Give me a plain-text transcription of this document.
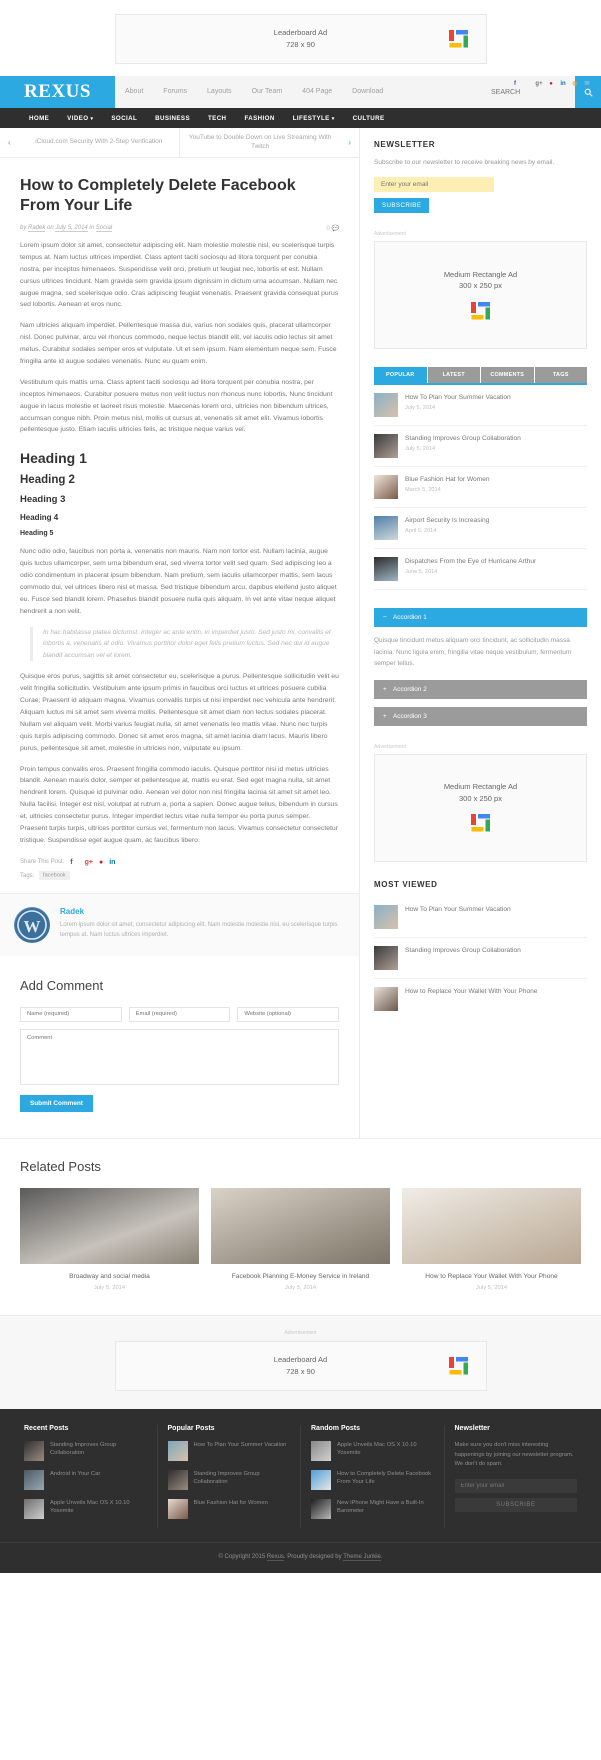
Leaderboard Ad
728 x 90
f	g+	●	in ◎ ✉
REXUS	About	Forums	Layouts	Our Team	404 Page	Download
SEARCH
HOME	VIDEO ▾	SOCIAL	BUSINESS	TECH	FASHION	LIFESTYLE ▾	CULTURE
‹	iCloud.com Security With 2-Step Verification
YouTube to Double Down on Live Streaming With Twitch	›
How to Completely Delete Facebook From Your Life
by Radek on July 5, 2014 in Social	0 💬

Lorem ipsum dolor sit amet, consectetur adipiscing elit. Nam molestie molestie nisl, eu scelerisque turpis tempus at. Nam luctus ultrices imperdiet. Class aptent taciti sociosqu ad litora torquent per conubia nostra, per inceptos himenaeos. Suspendisse velit orci, pretium ut feugiat nec, lobortis et est. Nullam cursus ultrices tincidunt. Nam gravida sem gravida ipsum dignissim in dictum urna accumsan. Nullam nec augue magna, sed scelerisque odio. Cras adipiscing feugiat venenatis. Praesent gravida consequat purus sed lobortis. Aenean et eros nunc.

Nam ultricies aliquam imperdiet. Pellentesque massa dui, varius non sodales quis, placerat ullamcorper nisl. Donec pulvinar, arcu vel rhoncus commodo, neque lectus blandit elit, vel iaculis odio lectus sit amet metus. Curabitur sodales semper eros et vulputate. Ut et sem ipsum. Nam elementum neque sem. Fusce fringilla ante id augue sodales venenatis. Nunc eu quam enim.

Vestibulum quis mattis urna. Class aptent taciti sociosqu ad litora torquent per conubia nostra, per inceptos himenaeos. Curabitur posuere metus non velit luctus non rhoncus nunc lobortis. Nunc tincidunt augue in lacus molestie et laoreet risus molestie. Maecenas lorem orci, ultricies non bibendum ultrices, accumsan congue nibh. Proin metus nisl, mollis ut cursus at, venenatis sit amet elit. Vivamus lobortis pellentesque justo. Etiam iaculis ultricies felis, ac tristique neque varius vel.

Heading 1
Heading 2
Heading 3
Heading 4
Heading 5

Nunc odio odio, faucibus non porta a, venenatis non mauris. Nam non tortor est. Nullam lacinia, augue quis luctus ullamcorper, sem urna bibendum erat, sed viverra tortor velit sed quam. Sed adipiscing leo a odio condimentum in placerat ipsum bibendum. Nam pretium, sem iaculis ullamcorper mattis, sem lacus commodo dui, vel ultrices libero nisl et massa. Sed tristique bibendum arcu, dapibus eleifend justo aliquet eu. Fusce sed blandit lorem. Phasellus blandit posuere nulla quis aliquam. In vel ante vitae neque aliquet hendrerit a non velit.

In hac habitasse platea dictumst. Integer ac ante enim, in imperdiet justo. Sed justo mi, convallis et lobortis a, venenatis at odio. Vivamus porttitor dolor eget felis pretium luctus. Sed nec dui id augue blandit accumsan vel et lorem.

Quisque eros purus, sagittis sit amet consectetur eu, scelerisque a purus. Pellentesque sollicitudin velit eu velit fringilla sollicitudin. Vestibulum ante ipsum primis in faucibus orci luctus et ultrices posuere cubilia Curae; Praesent id aliquam magna. Vivamus convallis turpis ut nisi imperdiet nec vehicula ante hendrerit. Aliquam luctus mi sit amet sem viverra mollis. Pellentesque sit amet diam non lectus sodales placerat. Nullam vel aliquam velit. Morbi varius feugiat nulla, sit amet venenatis leo mattis vitae. Nunc nec turpis quis turpis adipiscing commodo. Donec sit amet eros magna, sit amet lacinia diam lacus. Mauris libero purus, pellentesque sit amet, molestie in ultricies non, vulputate eu ipsum.

Proin tempus convallis eros. Praesent fringilla commodo iaculis. Quisque porttitor nisi id metus ultricies blandit. Aenean mauris dolor, semper et pellentesque at, mattis eu erat. Sed eget magna nulla, sit amet hendrerit lorem. Quisque id pulvinar odio. Aenean vel dolor non nisl fringilla lacinia sit amet sit amet leo. Nulla facilisi. Integer est nisl, volutpat at rutrum a, porta a sapien. Donec augue tellus, bibendum in cursus et, ultricies consectetur purus. Integer imperdiet lectus vitae nulla tempor eu porta purus semper. Praesent turpis turpis, ultrices porttitor cursus vel, fermentum non lacus. Vivamus consectetur consectetur tristique. Suspendisse eget augue quam, ac faucibus libero.

Share This Post: f g+ ● in
Tags: facebook
W
Radek
Lorem ipsum dolor sit amet, consectetur adipiscing elit. Nam molestie molestie nisl, eu scelerisque turpis tempus at. Nam luctus ultrices imperdiet.
Add Comment
Name (required)
Email (required)
Website (optional)
Comment Submit Comment
NEWSLETTER
Subscribe to our newsletter to receive breaking news by email.
Enter your email SUBSCRIBE
Advertisement
Medium Rectangle Ad
300 x 250 px
POPULAR	LATEST	COMMENTS	TAGS
How To Plan Your Summer Vacation
July 5, 2014
Standing Improves Group Collaboration
July 5, 2014
Blue Fashion Hat for Women
March 5, 2014
Airport Security Is Increasing
April 5, 2014
Dispatches From the Eye of Hurricane Arthur
June 5, 2014
− Accordion 1
Quisque tincidunt metus aliquam orci tincidunt, ac sollicitudin massa lacinia. Nunc ligula enim, fringilla vitae neque vestibulum, fermentum semper tellus.
+ Accordion 2
+ Accordion 3
Advertisement
Medium Rectangle Ad
300 x 250 px
MOST VIEWED
How To Plan Your Summer Vacation
Standing Improves Group Collaboration
How to Replace Your Wallet With Your Phone
Related Posts
Broadway and social media
July 5, 2014
Facebook Planning E-Money Service in Ireland
July 5, 2014
How to Replace Your Wallet With Your Phone
July 5, 2014
Advertisement
Leaderboard Ad
728 x 90
Recent Posts
Standing Improves Group Collaboration
Android in Your Car
Apple Unveils Mac OS X 10.10 Yosemite
Popular Posts
How To Plan Your Summer Vacation
Standing Improves Group Collaboration
Blue Fashion Hat for Women
Random Posts
Apple Unveils Mac OS X 10.10 Yosemite
How to Completely Delete Facebook From Your Life
New iPhone Might Have a Built-In Barometer
Newsletter
Make sure you don't miss interesting happenings by joining our newsletter program. We don't do spam.
Enter your email SUBSCRIBE
© Copyright 2015 Rexus. Proudly designed by Theme Junkie.
